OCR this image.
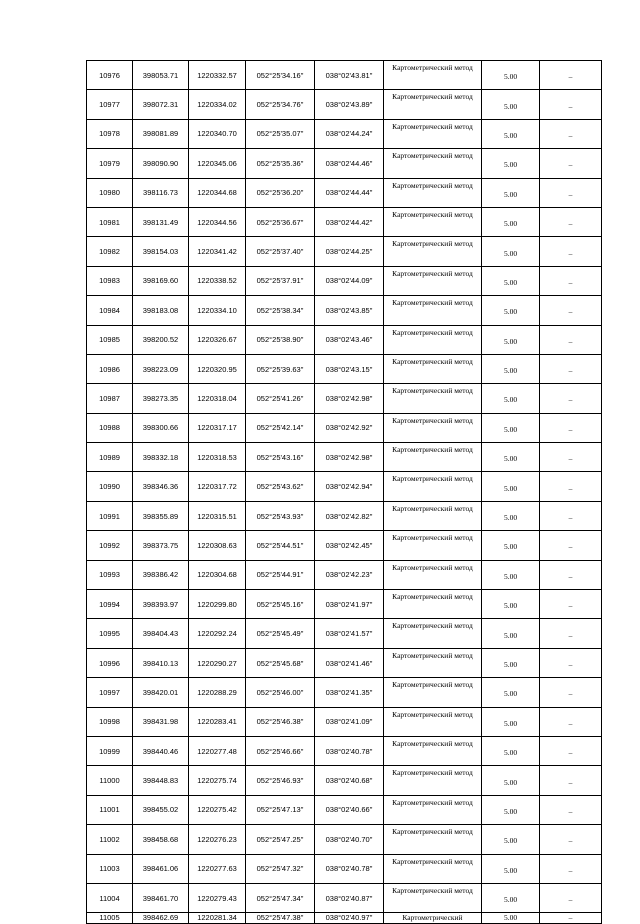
10976	398053.71	1220332.57	052°25'34.16"	038°02'43.81"	Картометрический метод	5.00	–
10977	398072.31	1220334.02	052°25'34.76"	038°02'43.89"	Картометрический метод	5.00	–
10978	398081.89	1220340.70	052°25'35.07"	038°02'44.24"	Картометрический метод	5.00	–
10979	398090.90	1220345.06	052°25'35.36"	038°02'44.46"	Картометрический метод	5.00	–
10980	398116.73	1220344.68	052°25'36.20"	038°02'44.44"	Картометрический метод	5.00	–
10981	398131.49	1220344.56	052°25'36.67"	038°02'44.42"	Картометрический метод	5.00	–
10982	398154.03	1220341.42	052°25'37.40"	038°02'44.25"	Картометрический метод	5.00	–
10983	398169.60	1220338.52	052°25'37.91"	038°02'44.09"	Картометрический метод	5.00	–
10984	398183.08	1220334.10	052°25'38.34"	038°02'43.85"	Картометрический метод	5.00	–
10985	398200.52	1220326.67	052°25'38.90"	038°02'43.46"	Картометрический метод	5.00	–
10986	398223.09	1220320.95	052°25'39.63"	038°02'43.15"	Картометрический метод	5.00	–
10987	398273.35	1220318.04	052°25'41.26"	038°02'42.98"	Картометрический метод	5.00	–
10988	398300.66	1220317.17	052°25'42.14"	038°02'42.92"	Картометрический метод	5.00	–
10989	398332.18	1220318.53	052°25'43.16"	038°02'42.98"	Картометрический метод	5.00	–
10990	398346.36	1220317.72	052°25'43.62"	038°02'42.94"	Картометрический метод	5.00	–
10991	398355.89	1220315.51	052°25'43.93"	038°02'42.82"	Картометрический метод	5.00	–
10992	398373.75	1220308.63	052°25'44.51"	038°02'42.45"	Картометрический метод	5.00	–
10993	398386.42	1220304.68	052°25'44.91"	038°02'42.23"	Картометрический метод	5.00	–
10994	398393.97	1220299.80	052°25'45.16"	038°02'41.97"	Картометрический метод	5.00	–
10995	398404.43	1220292.24	052°25'45.49"	038°02'41.57"	Картометрический метод	5.00	–
10996	398410.13	1220290.27	052°25'45.68"	038°02'41.46"	Картометрический метод	5.00	–
10997	398420.01	1220288.29	052°25'46.00"	038°02'41.35"	Картометрический метод	5.00	–
10998	398431.98	1220283.41	052°25'46.38"	038°02'41.09"	Картометрический метод	5.00	–
10999	398440.46	1220277.48	052°25'46.66"	038°02'40.78"	Картометрический метод	5.00	–
11000	398448.83	1220275.74	052°25'46.93"	038°02'40.68"	Картометрический метод	5.00	–
11001	398455.02	1220275.42	052°25'47.13"	038°02'40.66"	Картометрический метод	5.00	–
11002	398458.68	1220276.23	052°25'47.25"	038°02'40.70"	Картометрический метод	5.00	–
11003	398461.06	1220277.63	052°25'47.32"	038°02'40.78"	Картометрический метод	5.00	–
11004	398461.70	1220279.43	052°25'47.34"	038°02'40.87"	Картометрический метод	5.00	–
11005	398462.69	1220281.34	052°25'47.38"	038°02'40.97"	Картометрический	5.00	–
